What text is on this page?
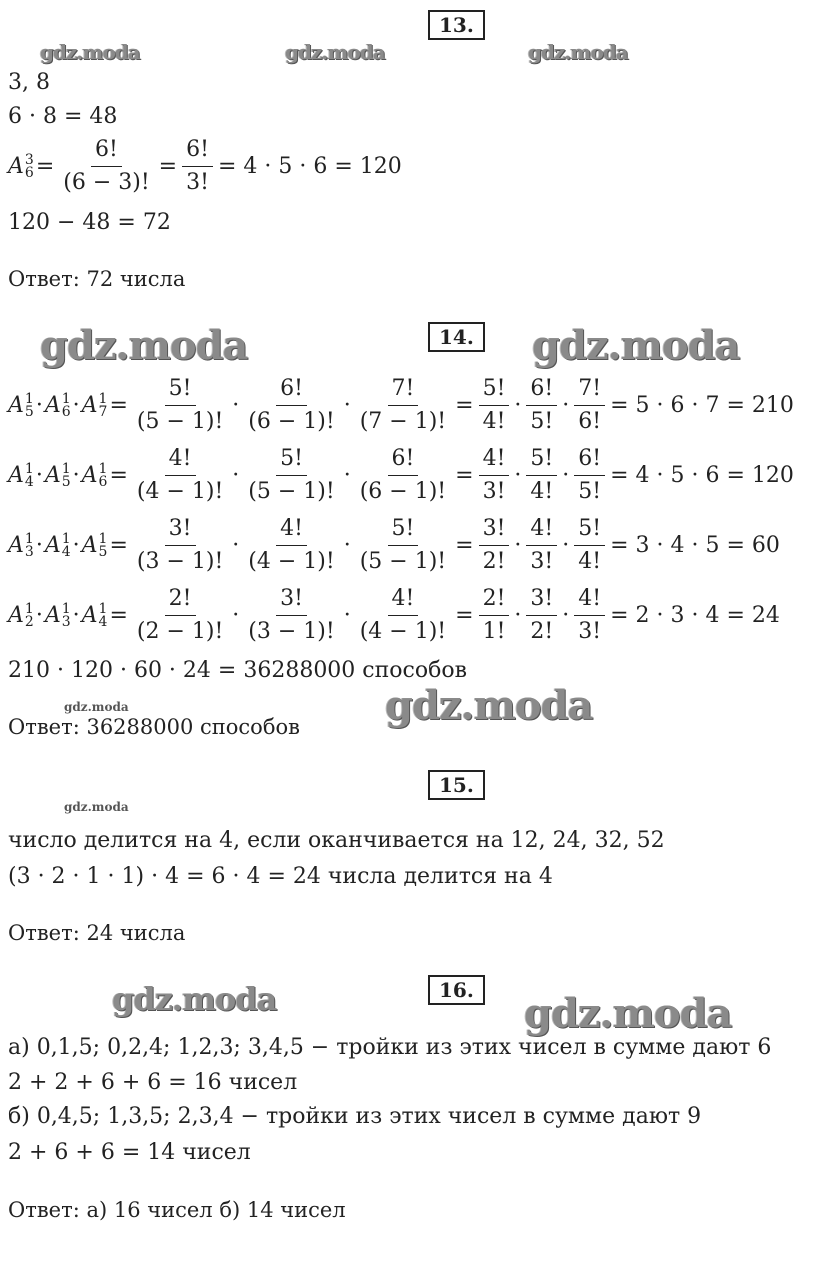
13.
gdz.moda	gdz.moda	gdz.moda
3, 8
6 · 8 = 48
A 3
$6 = \frac{6!}{(6 - 3)!} = \frac{6!}{3!} = 4 \cdot 5 \cdot 6 = 120$
120 − 48 = 72
Ответ: 72 числа
gdz.moda	14. gdz.moda
A 1
5 · A 1
6 · A 1
$7 = \frac{5!}{(5 - 1)!} \cdot \frac{6!}{(6 - 1)!} \cdot \frac{7!}{(7 - 1)!} = \frac{5!}{4!} \cdot \frac{6!}{5!} \cdot \frac{7!}{6!} = 5 \cdot 6 \cdot 7 = 210$
A 1
4 · A 1
5 · A 1
$6 = \frac{4!}{(4 - 1)!} \cdot \frac{5!}{(5 - 1)!} \cdot \frac{6!}{(6 - 1)!} = \frac{4!}{3!} \cdot \frac{5!}{4!} \cdot \frac{6!}{5!} = 4 \cdot 5 \cdot 6 = 120$
A 1
3 · A 1
4 · A 1
$5 = \frac{3!}{(3 - 1)!} \cdot \frac{4!}{(4 - 1)!} \cdot \frac{5!}{(5 - 1)!} = \frac{3!}{2!} \cdot \frac{4!}{3!} \cdot \frac{5!}{4!} = 3 \cdot 4 \cdot 5 = 60$
A 1
2 · A 1
3 · A 1
$4 = \frac{2!}{(2 - 1)!} \cdot \frac{3!}{(3 - 1)!} \cdot \frac{4!}{(4 - 1)!} = \frac{2!}{1!} \cdot \frac{3!}{2!} \cdot \frac{4!}{3!} = 2 \cdot 3 \cdot 4 = 24$
210 · 120 · 60 · 24 = 36288000 способов
gdz.moda	gdz.moda
Ответ: 36288000 способов
15.
gdz.moda
число делится на 4, если оканчивается на 12, 24, 32, 52
(3 · 2 · 1 · 1) · 4 = 6 · 4 = 24 числа делится на 4
Ответ: 24 числа
gdz.moda	16. gdz.moda
а) 0,1,5; 0,2,4; 1,2,3; 3,4,5 − тройки из этих чисел в сумме дают 6
2 + 2 + 6 + 6 = 16 чисел
б) 0,4,5; 1,3,5; 2,3,4 − тройки из этих чисел в сумме дают 9
2 + 6 + 6 = 14 чисел
Ответ: а) 16 чисел б) 14 чисел
